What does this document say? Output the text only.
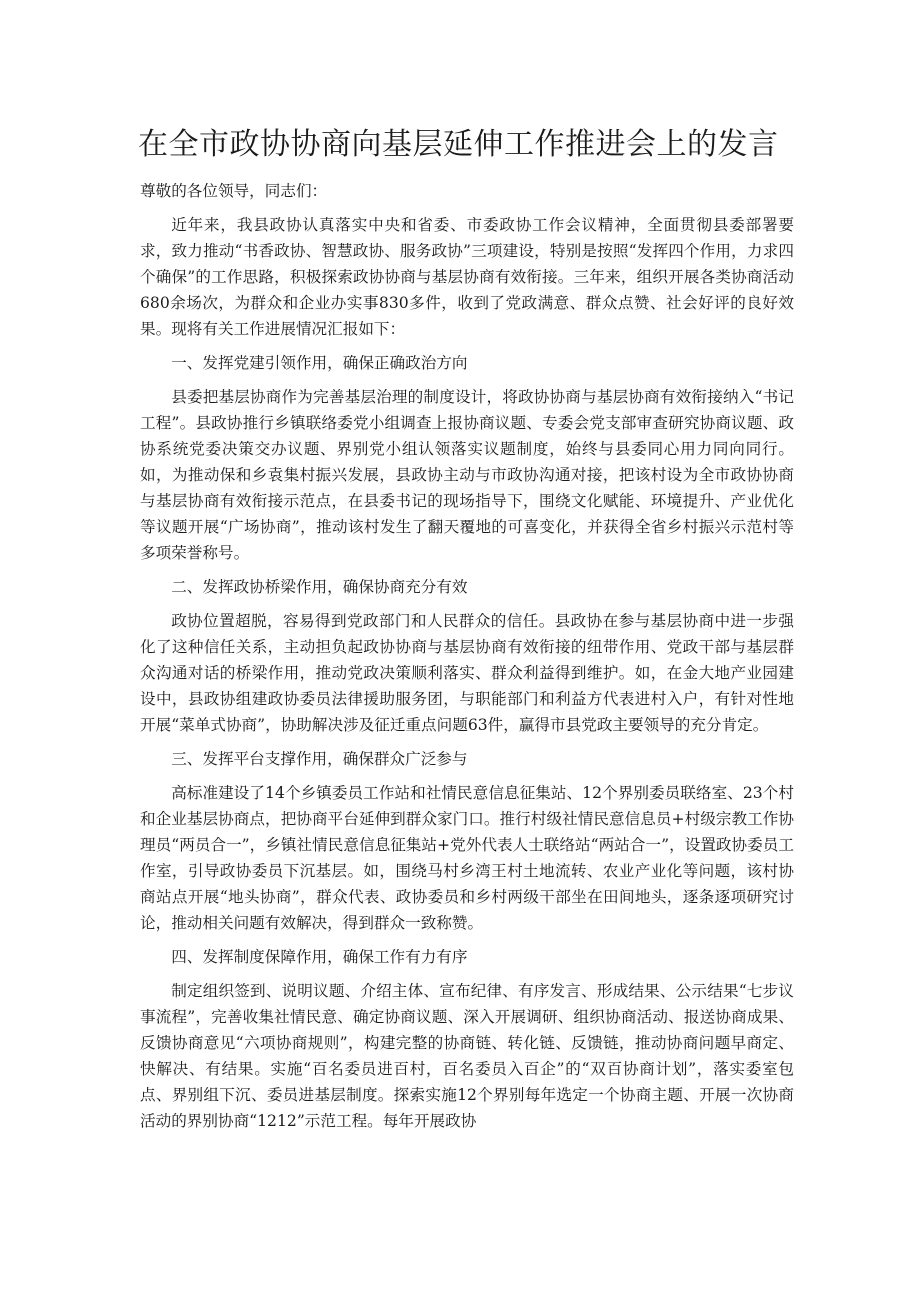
在全市政协协商向基层延伸工作推进会上的发言

尊敬的各位领导，同志们：

近年来，我县政协认真落实中央和省委、市委政协工作会议精神，全面贯彻县委部署要求，致力推动“书香政协、智慧政协、服务政协”三项建设，特别是按照“发挥四个作用，力求四个确保”的工作思路，积极探索政协协商与基层协商有效衔接。三年来，组织开展各类协商活动680余场次，为群众和企业办实事830多件，收到了党政满意、群众点赞、社会好评的良好效果。现将有关工作进展情况汇报如下：

一、发挥党建引领作用，确保正确政治方向

县委把基层协商作为完善基层治理的制度设计，将政协协商与基层协商有效衔接纳入“书记工程”。县政协推行乡镇联络委党小组调查上报协商议题、专委会党支部审查研究协商议题、政协系统党委决策交办议题、界别党小组认领落实议题制度，始终与县委同心用力同向同行。如，为推动保和乡袁集村振兴发展，县政协主动与市政协沟通对接，把该村设为全市政协协商与基层协商有效衔接示范点，在县委书记的现场指导下，围绕文化赋能、环境提升、产业优化等议题开展“广场协商”，推动该村发生了翻天覆地的可喜变化，并获得全省乡村振兴示范村等多项荣誉称号。

二、发挥政协桥梁作用，确保协商充分有效

政协位置超脱，容易得到党政部门和人民群众的信任。县政协在参与基层协商中进一步强化了这种信任关系，主动担负起政协协商与基层协商有效衔接的纽带作用、党政干部与基层群众沟通对话的桥梁作用，推动党政决策顺利落实、群众利益得到维护。如，在金大地产业园建设中，县政协组建政协委员法律援助服务团，与职能部门和利益方代表进村入户，有针对性地开展“菜单式协商”，协助解决涉及征迁重点问题63件，赢得市县党政主要领导的充分肯定。

三、发挥平台支撑作用，确保群众广泛参与

高标准建设了14个乡镇委员工作站和社情民意信息征集站、12个界别委员联络室、23个村和企业基层协商点，把协商平台延伸到群众家门口。推行村级社情民意信息员+村级宗教工作协理员“两员合一”，乡镇社情民意信息征集站+党外代表人士联络站“两站合一”，设置政协委员工作室，引导政协委员下沉基层。如，围绕马村乡湾王村土地流转、农业产业化等问题，该村协商站点开展“地头协商”，群众代表、政协委员和乡村两级干部坐在田间地头，逐条逐项研究讨论，推动相关问题有效解决，得到群众一致称赞。

四、发挥制度保障作用，确保工作有力有序

制定组织签到、说明议题、介绍主体、宣布纪律、有序发言、形成结果、公示结果“七步议事流程”，完善收集社情民意、确定协商议题、深入开展调研、组织协商活动、报送协商成果、反馈协商意见“六项协商规则”，构建完整的协商链、转化链、反馈链，推动协商问题早商定、快解决、有结果。实施“百名委员进百村，百名委员入百企”的“双百协商计划”，落实委室包点、界别组下沉、委员进基层制度。探索实施12个界别每年选定一个协商主题、开展一次协商活动的界别协商“1212”示范工程。每年开展政协
